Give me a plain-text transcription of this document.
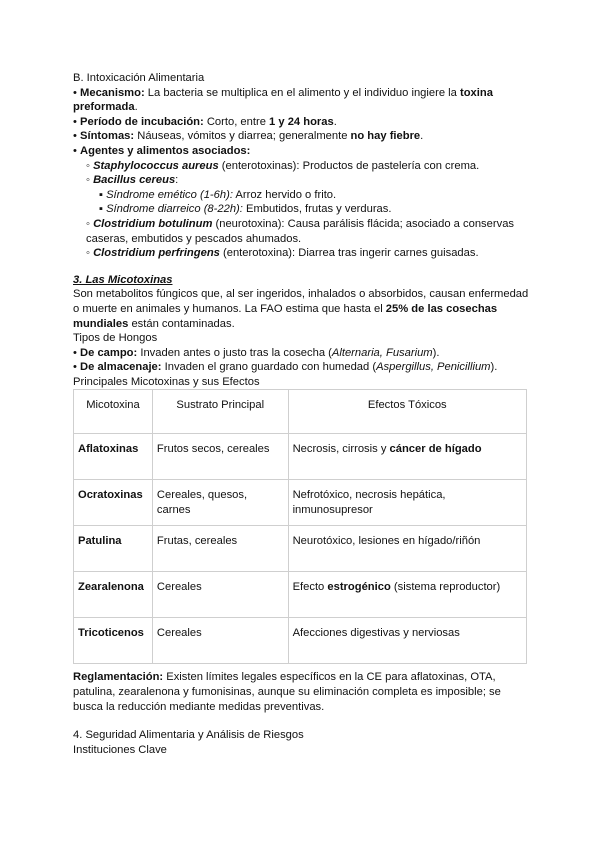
B. Intoxicación Alimentaria

• Mecanismo: La bacteria se multiplica en el alimento y el individuo ingiere la toxina preformada.

• Período de incubación: Corto, entre 1 y 24 horas.

• Síntomas: Náuseas, vómitos y diarrea; generalmente no hay fiebre.

• Agentes y alimentos asociados:

◦ Staphylococcus aureus (enterotoxinas): Productos de pastelería con crema.

◦ Bacillus cereus:

▪ Síndrome emético (1-6h): Arroz hervido o frito.

▪ Síndrome diarreico (8-22h): Embutidos, frutas y verduras.

◦ Clostridium botulinum (neurotoxina): Causa parálisis flácida; asociado a conservas caseras, embutidos y pescados ahumados.

◦ Clostridium perfringens (enterotoxina): Diarrea tras ingerir carnes guisadas.

3. Las Micotoxinas

Son metabolitos fúngicos que, al ser ingeridos, inhalados o absorbidos, causan enfermedad o muerte en animales y humanos. La FAO estima que hasta el 25% de las cosechas mundiales están contaminadas.

Tipos de Hongos

• De campo: Invaden antes o justo tras la cosecha (Alternaria, Fusarium).

• De almacenaje: Invaden el grano guardado con humedad (Aspergillus, Penicillium).

Principales Micotoxinas y sus Efectos

Micotoxina	Sustrato Principal	Efectos Tóxicos
Aflatoxinas	Frutos secos, cereales	Necrosis, cirrosis y cáncer de hígado
Ocratoxinas	Cereales, quesos, carnes	Nefrotóxico, necrosis hepática, inmunosupresor
Patulina	Frutas, cereales	Neurotóxico, lesiones en hígado/riñón
Zearalenona	Cereales	Efecto estrogénico (sistema reproductor)
Tricoticenos	Cereales	Afecciones digestivas y nerviosas

Reglamentación: Existen límites legales específicos en la CE para aflatoxinas, OTA, patulina, zearalenona y fumonisinas, aunque su eliminación completa es imposible; se busca la reducción mediante medidas preventivas.

4. Seguridad Alimentaria y Análisis de Riesgos

Instituciones Clave
